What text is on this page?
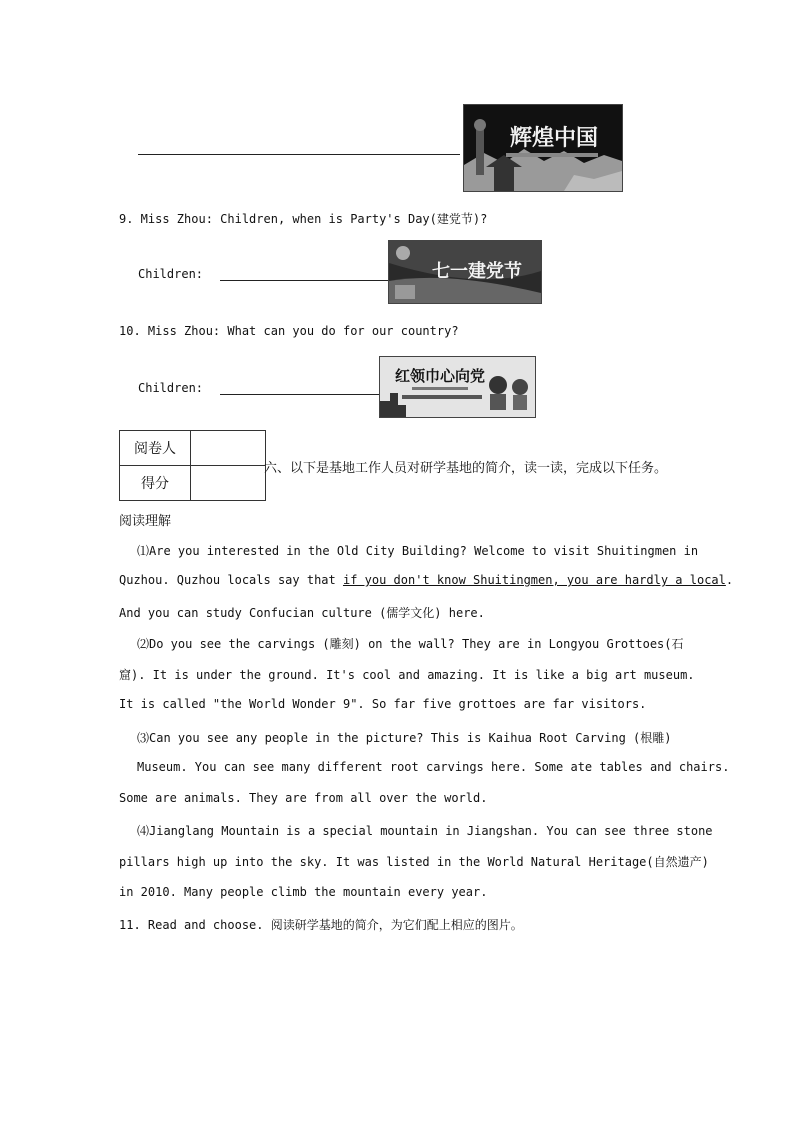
辉煌中国
9. Miss Zhou: Children, when is Party's Day(建党节)?
Children:	七一建党节
10. Miss Zhou: What can you do for our country?
Children:
红领巾心向党
阅卷人	
得分	
六、以下是基地工作人员对研学基地的简介，读一读，完成以下任务。
阅读理解
⑴Are you interested in the Old City Building? Welcome to visit Shuitingmen in
Quzhou. Quzhou locals say that if you don't know Shuitingmen, you are hardly a local.
And you can study Confucian culture (儒学文化) here.
⑵Do you see the carvings (雕刻) on the wall? They are in Longyou Grottoes(石
窟). It is under the ground. It's cool and amazing. It is like a big art museum.
It is called "the World Wonder 9". So far five grottoes are far visitors.
⑶Can you see any people in the picture? This is Kaihua Root Carving (根雕)
Museum. You can see many different root carvings here. Some ate tables and chairs.
Some are animals. They are from all over the world.
⑷Jianglang Mountain is a special mountain in Jiangshan. You can see three stone
pillars high up into the sky. It was listed in the World Natural Heritage(自然遗产)
in 2010. Many people climb the mountain every year.
11. Read and choose. 阅读研学基地的简介，为它们配上相应的图片。
